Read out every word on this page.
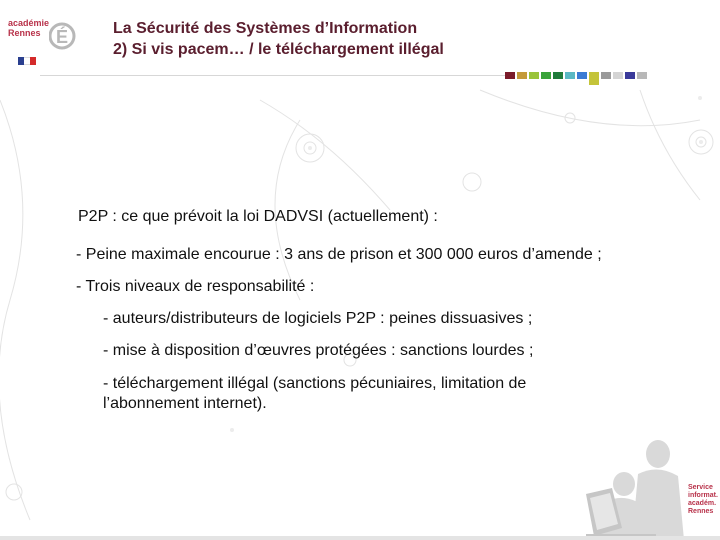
académie
Rennes É	La Sécurité des Systèmes d’Information
2) Si vis pacem… / le téléchargement illégal
P2P : ce que prévoit la loi DADVSI (actuellement) :
- Peine maximale encourue : 3 ans de prison et 300 000 euros d’amende ;
- Trois niveaux de responsabilité :
- auteurs/distributeurs de logiciels P2P : peines dissuasives ;
- mise à disposition d’œuvres protégées : sanctions lourdes ;
- téléchargement illégal (sanctions pécuniaires, limitation de l’abonnement internet).
Service
informat.
académ.
Rennes
